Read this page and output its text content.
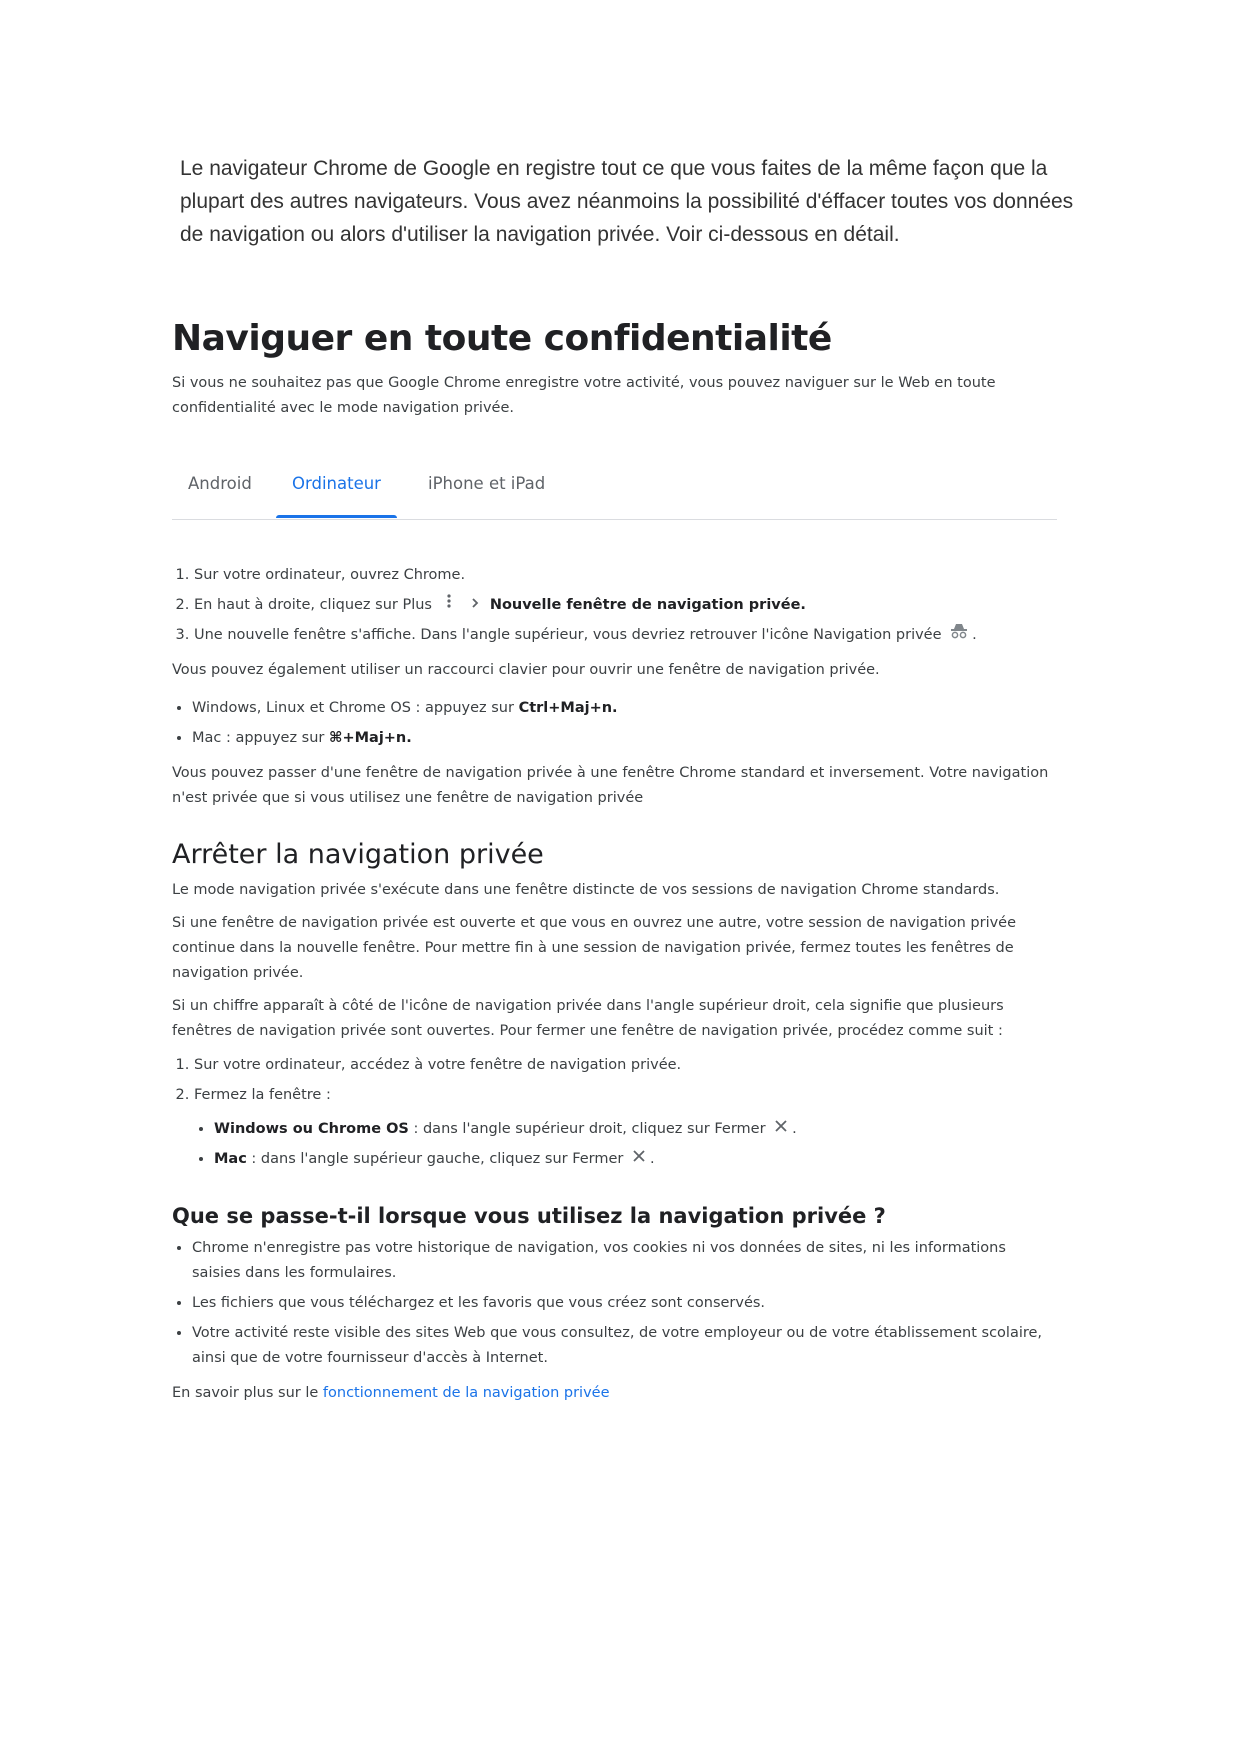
Le navigateur Chrome de Google en registre tout ce que vous faites de la même façon que la plupart des autres navigateurs. Vous avez néanmoins la possibilité d'éffacer toutes vos données de navigation ou alors d'utiliser la navigation privée. Voir ci-dessous en détail.

Naviguer en toute confidentialité

Si vous ne souhaitez pas que Google Chrome enregistre votre activité, vous pouvez naviguer sur le Web en toute confidentialité avec le mode navigation privée.

Android	Ordinateur	iPhone et iPad
1. Sur votre ordinateur, ouvrez Chrome.
2. En haut à droite, cliquez sur Plus	Nouvelle fenêtre de navigation privée.
3. Une nouvelle fenêtre s'affiche. Dans l'angle supérieur, vous devriez retrouver l'icône Navigation privée .

Vous pouvez également utiliser un raccourci clavier pour ouvrir une fenêtre de navigation privée.

• Windows, Linux et Chrome OS : appuyez sur Ctrl+Maj+n.
• Mac : appuyez sur ⌘+Maj+n.

Vous pouvez passer d'une fenêtre de navigation privée à une fenêtre Chrome standard et inversement. Votre navigation n'est privée que si vous utilisez une fenêtre de navigation privée

Arrêter la navigation privée

Le mode navigation privée s'exécute dans une fenêtre distincte de vos sessions de navigation Chrome standards.

Si une fenêtre de navigation privée est ouverte et que vous en ouvrez une autre, votre session de navigation privée continue dans la nouvelle fenêtre. Pour mettre fin à une session de navigation privée, fermez toutes les fenêtres de navigation privée.

Si un chiffre apparaît à côté de l'icône de navigation privée dans l'angle supérieur droit, cela signifie que plusieurs fenêtres de navigation privée sont ouvertes. Pour fermer une fenêtre de navigation privée, procédez comme suit :

1. Sur votre ordinateur, accédez à votre fenêtre de navigation privée.
2. Fermez la fenêtre :
• Windows ou Chrome OS : dans l'angle supérieur droit, cliquez sur Fermer .
• Mac : dans l'angle supérieur gauche, cliquez sur Fermer .
Que se passe-t-il lorsque vous utilisez la navigation privée ?
• Chrome n'enregistre pas votre historique de navigation, vos cookies ni vos données de sites, ni les informations saisies dans les formulaires.
• Les fichiers que vous téléchargez et les favoris que vous créez sont conservés.
• Votre activité reste visible des sites Web que vous consultez, de votre employeur ou de votre établissement scolaire, ainsi que de votre fournisseur d'accès à Internet.

En savoir plus sur le fonctionnement de la navigation privée
